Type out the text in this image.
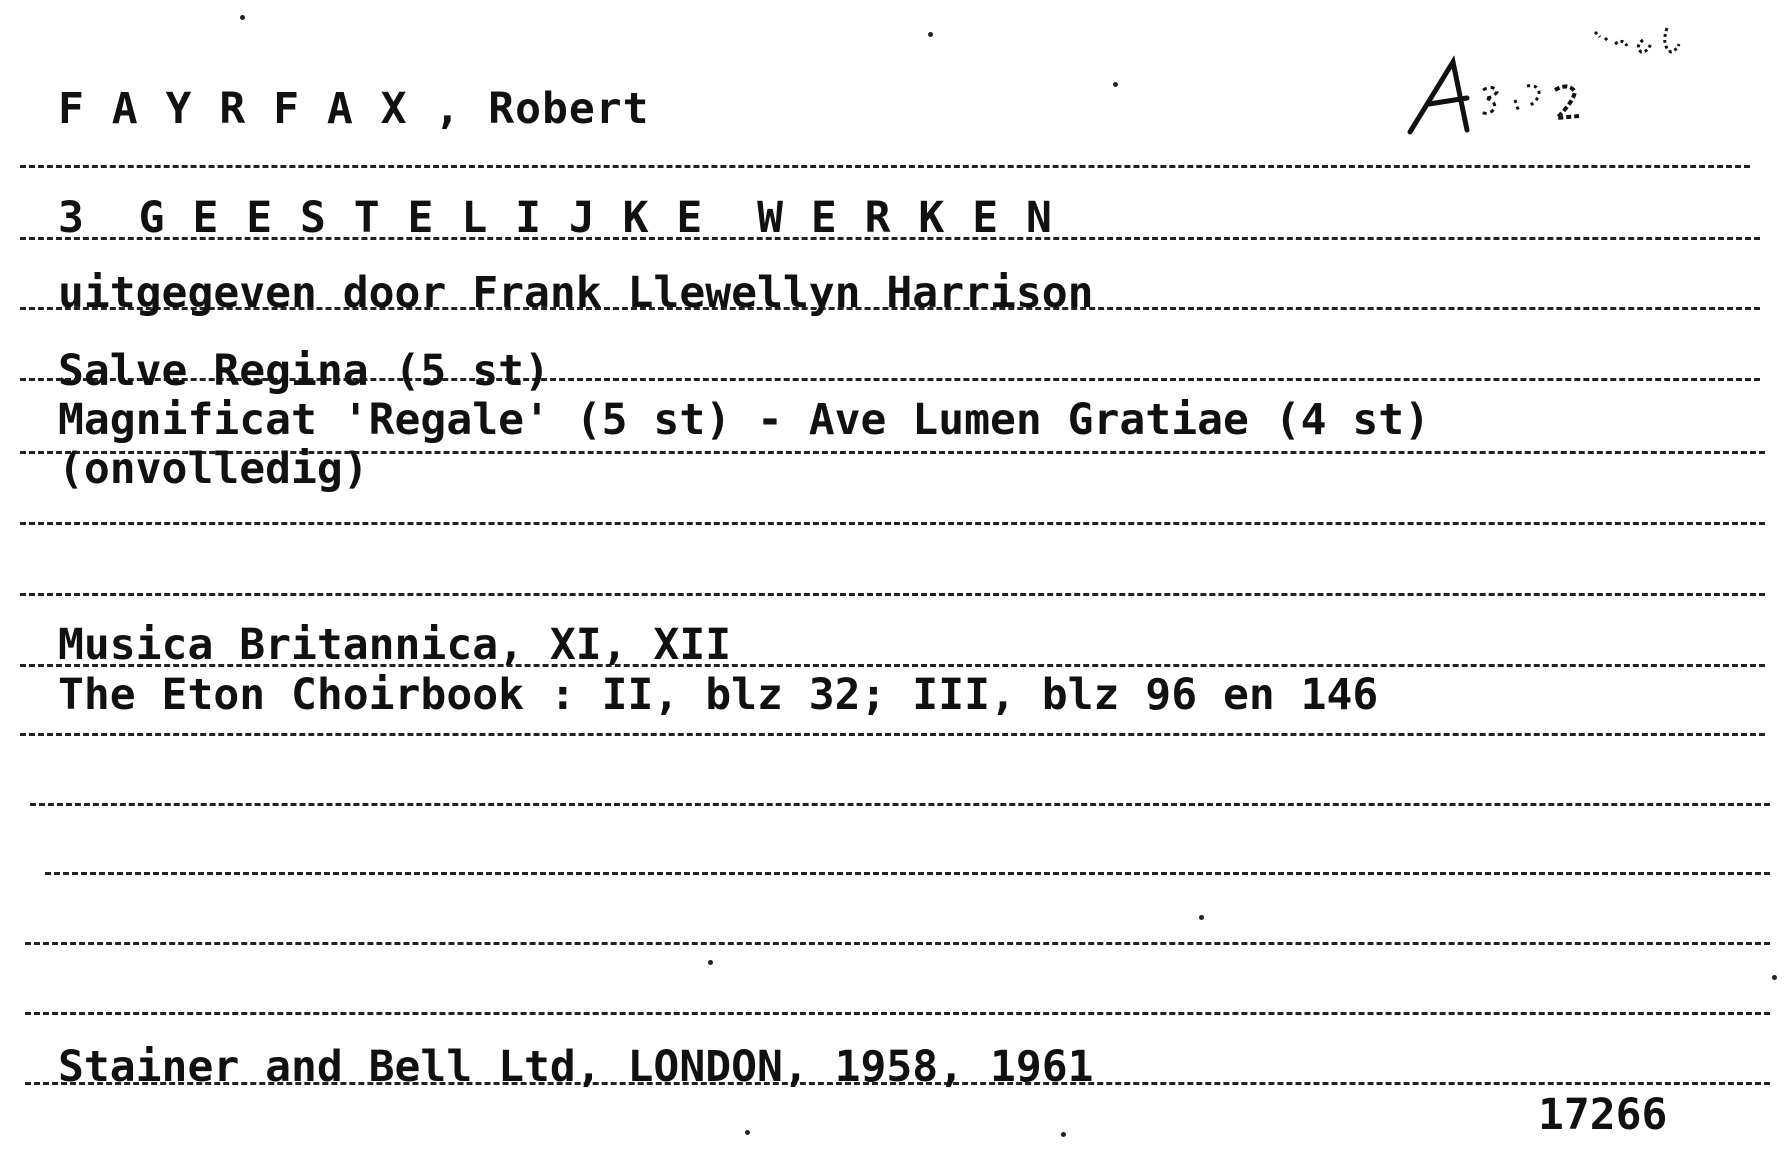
F A Y R F A X , Robert
3  G E E S T E L I J K E  W E R K E N
uitgegeven door Frank Llewellyn Harrison
Salve Regina (5 st)
Magnificat 'Regale' (5 st) - Ave Lumen Gratiae (4 st)
(onvolledig)
Musica Britannica, XI, XII
The Eton Choirbook : II, blz 32; III, blz 96 en 146
Stainer and Bell Ltd, LONDON, 1958, 1961
17266
